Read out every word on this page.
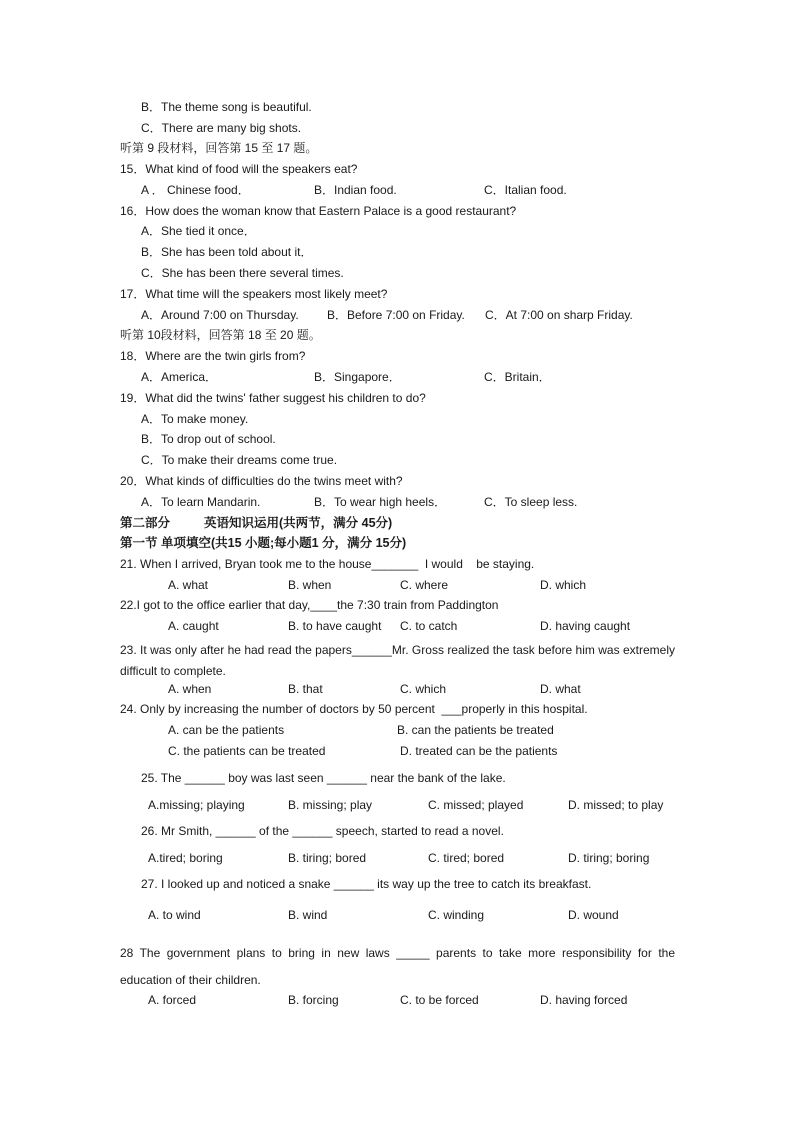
B．The theme song is beautiful.
C．There are many big shots.
听第 9 段材料，回答第 15 至 17 题。
15．What kind of food will the speakers eat?
A ． Chinese food．	B．Indian food.	C．Italian food.
16．How does the woman know that Eastern Palace is a good restaurant?
A．She tied it once．
B．She has been told about it．
C．She has been there several times.
17．What time will the speakers most likely meet?
A．Around 7:00 on Thursday. B．Before 7:00 on Friday. C．At 7:00 on sharp Friday.
听第 10段材料，回答第 18 至 20 题。
18．Where are the twin girls from?
A．America．	B．Singapore．	C．Britain．
19．What did the twins' father suggest his children to do?
A．To make money.
B．To drop out of school.
C．To make their dreams come true.
20．What kinds of difficulties do the twins meet with?
A．To learn Mandarin.	B．To wear high heels．	C．To sleep less.
第二部分	英语知识运用(共两节，满分 45分)
第一节 单项填空(共15 小题;每小题1 分，满分 15分)
21. When I arrived, Bryan took me to the house_______  I would    be staying.
A. what	B. when	C. where	D. which
22.I got to the office earlier that day,____the 7:30 train from Paddington
A. caught	B. to have caught C. to catch	D. having caught
23. It was only after he had read the papers______Mr. Gross realized the task before him was extremely difficult to complete.
A. when	B. that	C. which	D. what
24. Only by increasing the number of doctors by 50 percent  ___properly in this hospital.
A. can be the patients	B. can the patients be treated
C. the patients can be treated	D. treated can be the patients
25. The ______ boy was last seen ______ near the bank of the lake.
A.missing; playing	B. missing; play	C. missed; played	D. missed; to play
26. Mr Smith, ______ of the ______ speech, started to read a novel.
A.tired; boring	B. tiring; bored	C. tired; bored	D. tiring; boring
27. I looked up and noticed a snake ______ its way up the tree to catch its breakfast.
A. to wind	B. wind	C. winding	D. wound
28 The government plans to bring in new laws _____ parents to take more responsibility for the education of their children.
A. forced	B. forcing	C. to be forced	D. having forced
